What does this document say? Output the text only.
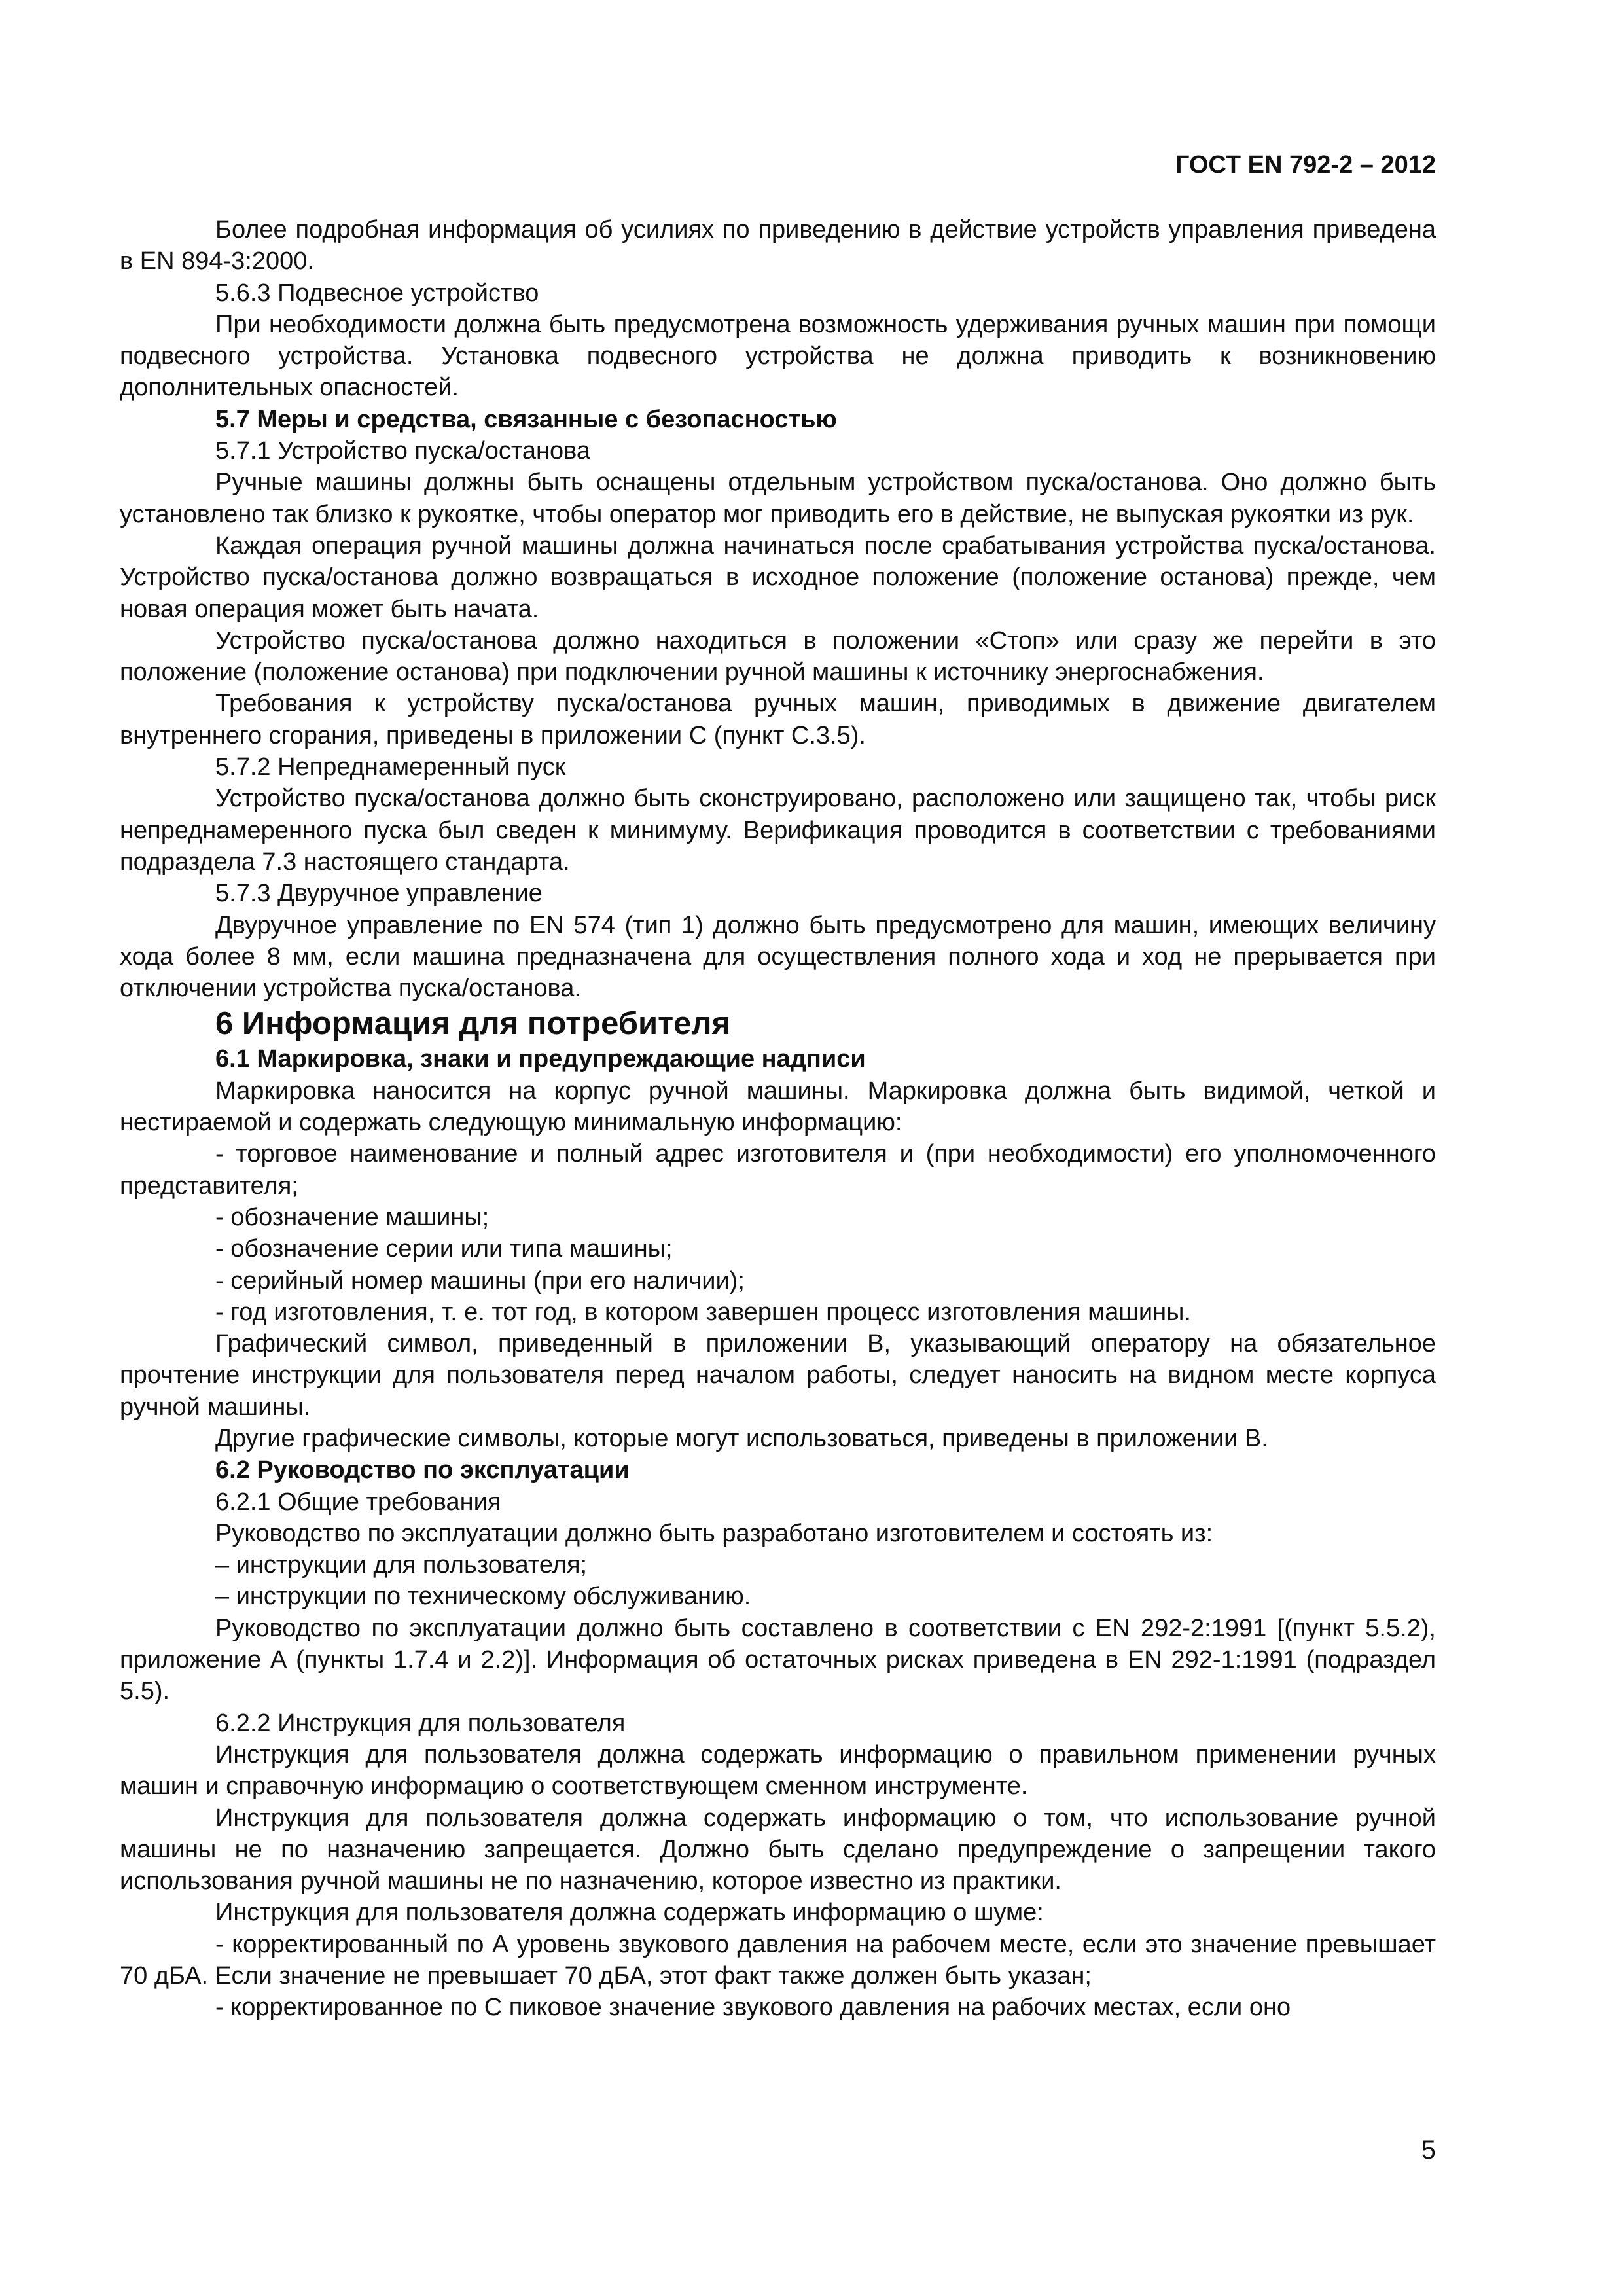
ГОСТ EN 792-2 – 2012

Более подробная информация об усилиях по приведению в действие устройств управления приведена в EN 894-3:2000.

5.6.3 Подвесное устройство

При необходимости должна быть предусмотрена возможность удерживания ручных машин при помощи подвесного устройства. Установка подвесного устройства не должна приводить к возникновению дополнительных опасностей.

5.7 Меры и средства, связанные с безопасностью

5.7.1 Устройство пуска/останова

Ручные машины должны быть оснащены отдельным устройством пуска/останова. Оно должно быть установлено так близко к рукоятке, чтобы оператор мог приводить его в действие, не выпуская рукоятки из рук.

Каждая операция ручной машины должна начинаться после срабатывания устройства пуска/останова. Устройство пуска/останова должно возвращаться в исходное положение (положение останова) прежде, чем новая операция может быть начата.

Устройство пуска/останова должно находиться в положении «Стоп» или сразу же перейти в это положение (положение останова) при подключении ручной машины к источнику энергоснабжения.

Требования к устройству пуска/останова ручных машин, приводимых в движение двигателем внутреннего сгорания, приведены в приложении С (пункт С.3.5).

5.7.2 Непреднамеренный пуск

Устройство пуска/останова должно быть сконструировано, расположено или защищено так, чтобы риск непреднамеренного пуска был сведен к минимуму. Верификация проводится в соответствии с требованиями подраздела 7.3 настоящего стандарта.

5.7.3 Двуручное управление

Двуручное управление по EN 574 (тип 1) должно быть предусмотрено для машин, имеющих величину хода более 8 мм, если машина предназначена для осуществления полного хода и ход не прерывается при отключении устройства пуска/останова.

6 Информация для потребителя

6.1 Маркировка, знаки и предупреждающие надписи

Маркировка наносится на корпус ручной машины. Маркировка должна быть видимой, четкой и нестираемой и содержать следующую минимальную информацию:

- торговое наименование и полный адрес изготовителя и (при необходимости) его уполномоченного представителя;

- обозначение машины;

- обозначение серии или типа машины;

- серийный номер машины (при его наличии);

- год изготовления, т. е. тот год, в котором завершен процесс изготовления машины.

Графический символ, приведенный в приложении В, указывающий оператору на обязательное прочтение инструкции для пользователя перед началом работы, следует наносить на видном месте корпуса ручной машины.

Другие графические символы, которые могут использоваться, приведены в приложении В.

6.2 Руководство по эксплуатации

6.2.1 Общие требования

Руководство по эксплуатации должно быть разработано изготовителем и состоять из:

– инструкции для пользователя;

– инструкции по техническому обслуживанию.

Руководство по эксплуатации должно быть составлено в соответствии с EN 292-2:1991 [(пункт 5.5.2), приложение А (пункты 1.7.4 и 2.2)]. Информация об остаточных рисках приведена в EN 292-1:1991 (подраздел 5.5).

6.2.2 Инструкция для пользователя

Инструкция для пользователя должна содержать информацию о правильном применении ручных машин и справочную информацию о соответствующем сменном инструменте.

Инструкция для пользователя должна содержать информацию о том, что использование ручной машины не по назначению запрещается. Должно быть сделано предупреждение о запрещении такого использования ручной машины не по назначению, которое известно из практики.

Инструкция для пользователя должна содержать информацию о шуме:

- корректированный по А уровень звукового давления на рабочем месте, если это значение превышает 70 дБА. Если значение не превышает 70 дБА, этот факт также должен быть указан;

- корректированное по С пиковое значение звукового давления на рабочих местах, если оно

5
